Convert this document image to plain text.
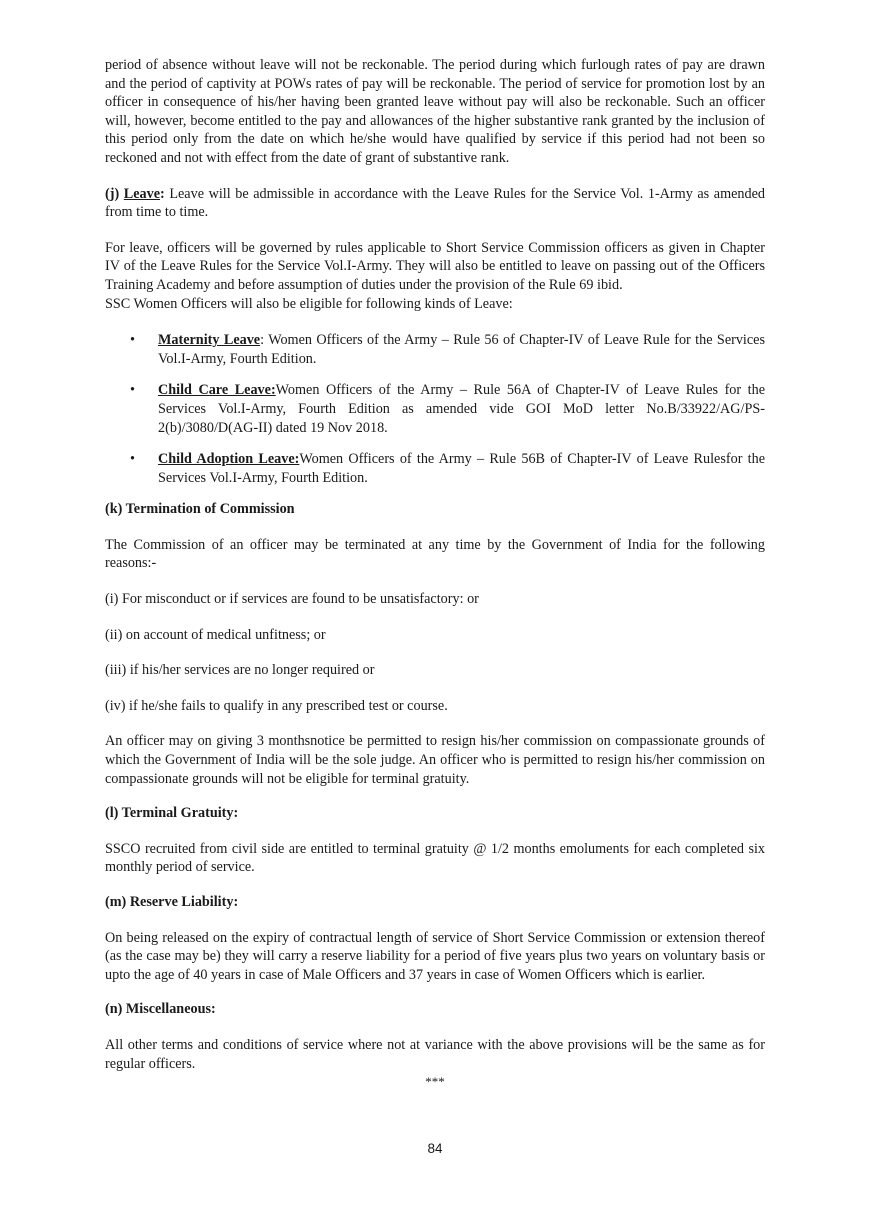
period of absence without leave will not be reckonable. The period during which furlough rates of pay are drawn and the period of captivity at POWs rates of pay will be reckonable. The period of service for promotion lost by an officer in consequence of his/her having been granted leave without pay will also be reckonable. Such an officer will, however, become entitled to the pay and allowances of the higher substantive rank granted by the inclusion of this period only from the date on which he/she would have qualified by service if this period had not been so reckoned and not with effect from the date of grant of substantive rank.

(j) Leave: Leave will be admissible in accordance with the Leave Rules for the Service Vol. 1-Army as amended from time to time.

For leave, officers will be governed by rules applicable to Short Service Commission officers as given in Chapter IV of the Leave Rules for the Service Vol.I-Army. They will also be entitled to leave on passing out of the Officers Training Academy and before assumption of duties under the provision of the Rule 69 ibid.

SSC Women Officers will also be eligible for following kinds of Leave:

• Maternity Leave: Women Officers of the Army – Rule 56 of Chapter-IV of Leave Rule for the Services Vol.I-Army, Fourth Edition.
• Child Care Leave:Women Officers of the Army – Rule 56A of Chapter-IV of Leave Rules for the Services Vol.I-Army, Fourth Edition as amended vide GOI MoD letter No.B/33922/AG/PS-2(b)/3080/D(AG-II) dated 19 Nov 2018.
• Child Adoption Leave:Women Officers of the Army – Rule 56B of Chapter-IV of Leave Rulesfor the Services Vol.I-Army, Fourth Edition.

(k) Termination of Commission

The Commission of an officer may be terminated at any time by the Government of India for the following reasons:-

(i) For misconduct or if services are found to be unsatisfactory: or

(ii) on account of medical unfitness; or

(iii) if his/her services are no longer required or

(iv) if he/she fails to qualify in any prescribed test or course.

An officer may on giving 3 monthsnotice be permitted to resign his/her commission on compassionate grounds of which the Government of India will be the sole judge. An officer who is permitted to resign his/her commission on compassionate grounds will not be eligible for terminal gratuity.

(l) Terminal Gratuity:

SSCO recruited from civil side are entitled to terminal gratuity @ 1/2 months emoluments for each completed six monthly period of service.

(m) Reserve Liability:

On being released on the expiry of contractual length of service of Short Service Commission or extension thereof (as the case may be) they will carry a reserve liability for a period of five years plus two years on voluntary basis or upto the age of 40 years in case of Male Officers and 37 years in case of Women Officers which is earlier.

(n) Miscellaneous:

All other terms and conditions of service where not at variance with the above provisions will be the same as for regular officers.

***

84
